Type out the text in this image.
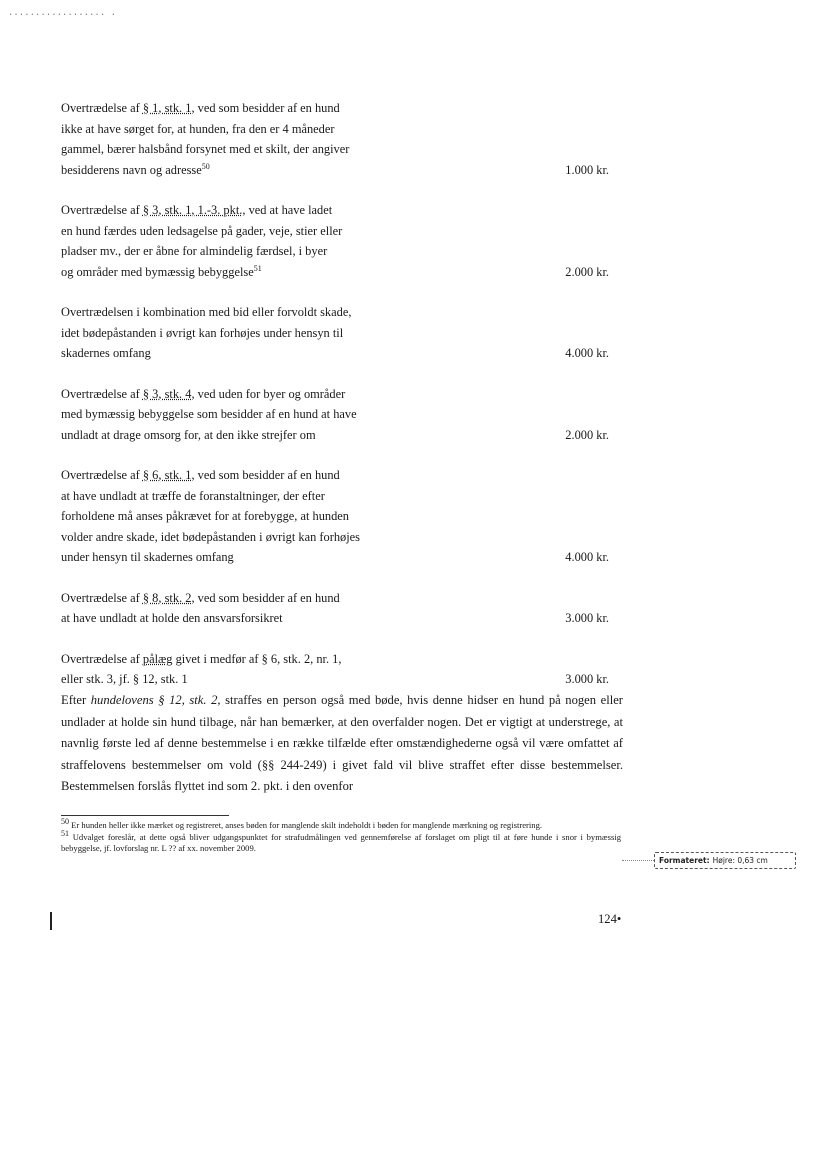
.................. .
Overtrædelse af § 1, stk. 1, ved som besidder af en hund
ikke at have sørget for, at hunden, fra den er 4 måneder
gammel, bærer halsbånd forsynet med et skilt, der angiver
besidderens navn og adresse$^{50}$	1.000 kr.
Overtrædelse af § 3, stk. 1, 1.-3. pkt., ved at have ladet
en hund færdes uden ledsagelse på gader, veje, stier eller
pladser mv., der er åbne for almindelig færdsel, i byer
og områder med bymæssig bebyggelse$^{51}$	2.000 kr.
Overtrædelsen i kombination med bid eller forvoldt skade,
idet bødepåstanden i øvrigt kan forhøjes under hensyn til
skadernes omfang	4.000 kr.
Overtrædelse af § 3, stk. 4, ved uden for byer og områder
med bymæssig bebyggelse som besidder af en hund at have
undladt at drage omsorg for, at den ikke strejfer om	2.000 kr.
Overtrædelse af § 6, stk. 1, ved som besidder af en hund
at have undladt at træffe de foranstaltninger, der efter
forholdene må anses påkrævet for at forebygge, at hunden
volder andre skade, idet bødepåstanden i øvrigt kan forhøjes
under hensyn til skadernes omfang	4.000 kr.
Overtrædelse af § 8, stk. 2, ved som besidder af en hund
at have undladt at holde den ansvarsforsikret	3.000 kr.
Overtrædelse af pålæg givet i medfør af § 6, stk. 2, nr. 1,
eller stk. 3, jf. § 12, stk. 1	3.000 kr.
Efter hundelovens § 12, stk. 2, straffes en person også med bøde, hvis denne hidser en hund på nogen eller undlader at holde sin hund tilbage, når han bemærker, at den overfalder nogen. Det er vigtigt at understrege, at navnlig første led af denne bestemmelse i en række tilfælde efter omstændighederne også vil være omfattet af straffelovens bestemmelser om vold (§§ 244-249) i givet fald vil blive straffet efter disse bestemmelser. Bestemmelsen forslås flyttet ind som 2. pkt. i den ovenfor

$^{50}$ Er hunden heller ikke mærket og registreret, anses bøden for manglende skilt indeholdt i bøden for manglende mærkning og registrering.

$^{51}$ Udvalget foreslår, at dette også bliver udgangspunktet for strafudmålingen ved gennemførelse af forslaget om pligt til at føre hunde i snor i bymæssig bebyggelse, jf. lovforslag nr. L ?? af xx. november 2009.

Formateret: Højre: 0,63 cm
124•
